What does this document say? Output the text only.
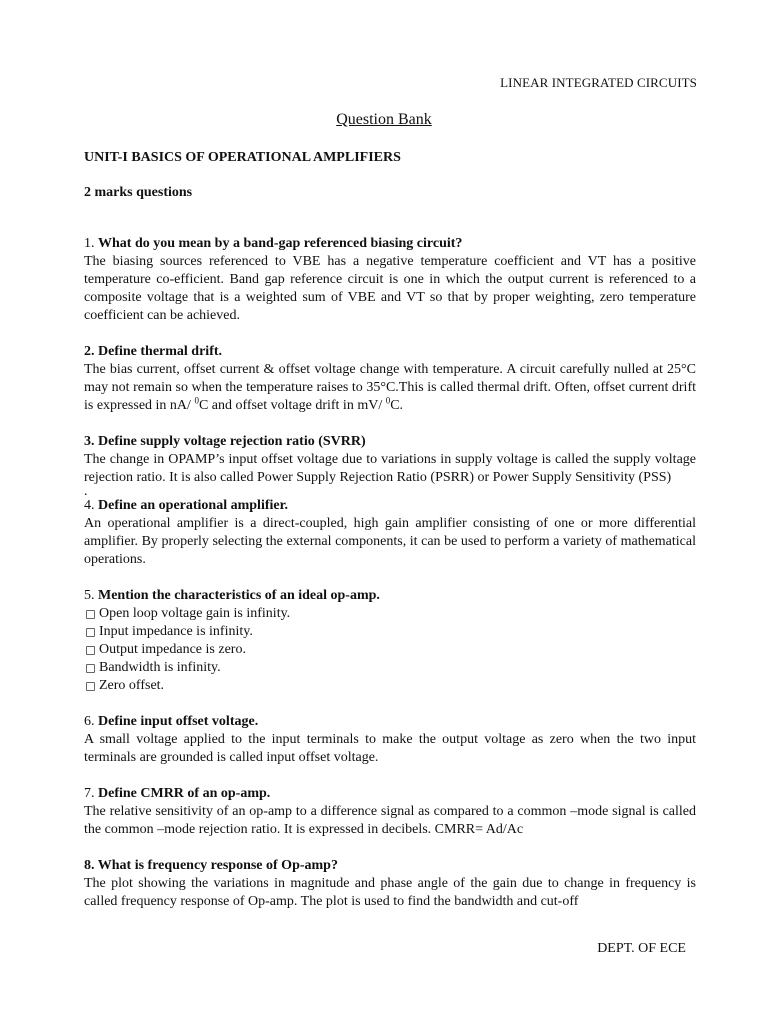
LINEAR INTEGRATED CIRCUITS
Question Bank
UNIT-I BASICS OF OPERATIONAL AMPLIFIERS
2 marks questions

1. What do you mean by a band-gap referenced biasing circuit?

The biasing sources referenced to VBE has a negative temperature coefficient and VT has a positive temperature co-efficient. Band gap reference circuit is one in which the output current is referenced to a composite voltage that is a weighted sum of VBE and VT so that by proper weighting, zero temperature coefficient can be achieved.

2. Define thermal drift.

The bias current, offset current & offset voltage change with temperature. A circuit carefully nulled at 25°C may not remain so when the temperature raises to 35°C.This is called thermal drift. Often, offset current drift is expressed in nA/ $^0$C and offset voltage drift in mV/ $^0$C.

3. Define supply voltage rejection ratio (SVRR)

The change in OPAMP’s input offset voltage due to variations in supply voltage is called the supply voltage rejection ratio. It is also called Power Supply Rejection Ratio (PSRR) or Power Supply Sensitivity (PSS)

.

4. Define an operational amplifier.

An operational amplifier is a direct-coupled, high gain amplifier consisting of one or more differential amplifier. By properly selecting the external components, it can be used to perform a variety of mathematical operations.

5. Mention the characteristics of an ideal op-amp.

Open loop voltage gain is infinity.
Input impedance is infinity.
Output impedance is zero.
Bandwidth is infinity.
Zero offset.

6. Define input offset voltage.

A small voltage applied to the input terminals to make the output voltage as zero when the two input terminals are grounded is called input offset voltage.

7. Define CMRR of an op-amp.

The relative sensitivity of an op-amp to a difference signal as compared to a common –mode signal is called the common –mode rejection ratio. It is expressed in decibels. CMRR= Ad/Ac

8. What is frequency response of Op-amp?

The plot showing the variations in magnitude and phase angle of the gain due to change in frequency is called frequency response of Op-amp. The plot is used to find the bandwidth and cut-off

DEPT. OF ECE
